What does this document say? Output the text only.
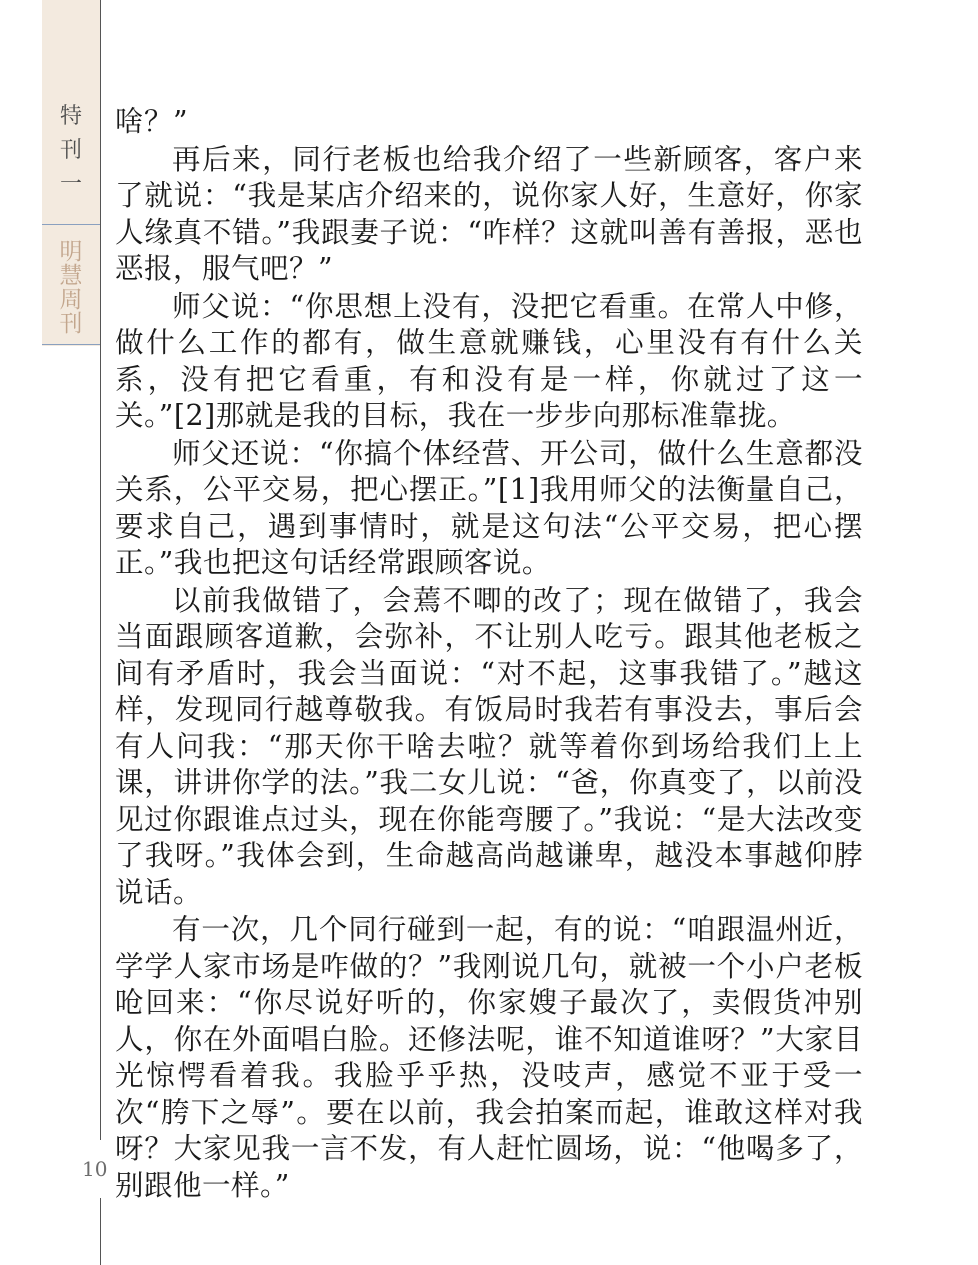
特
刊
一
明
慧
周
刊
10

啥？”

再后来，同行老板也给我介绍了一些新顾客，客户来了就说：“我是某店介绍来的，说你家人好，生意好，你家人缘真不错。”我跟妻子说：“咋样？这就叫善有善报，恶也恶报，服气吧？”

师父说：“你思想上没有，没把它看重。在常人中修，做什么工作的都有，做生意就赚钱，心里没有有什么关系，没有把它看重，有和没有是一样，你就过了这一关。”[2]那就是我的目标，我在一步步向那标准靠拢。

师父还说：“你搞个体经营、开公司，做什么生意都没关系，公平交易，把心摆正。”[1]我用师父的法衡量自己，要求自己，遇到事情时，就是这句法“公平交易，把心摆正。”我也把这句话经常跟顾客说。

以前我做错了，会蔫不唧的改了；现在做错了，我会当面跟顾客道歉，会弥补，不让别人吃亏。跟其他老板之间有矛盾时，我会当面说：“对不起，这事我错了。”越这样，发现同行越尊敬我。有饭局时我若有事没去，事后会有人问我：“那天你干啥去啦？就等着你到场给我们上上课，讲讲你学的法。”我二女儿说：“爸，你真变了，以前没见过你跟谁点过头，现在你能弯腰了。”我说：“是大法改变了我呀。”我体会到，生命越高尚越谦卑，越没本事越仰脖说话。

有一次，几个同行碰到一起，有的说：“咱跟温州近，学学人家市场是咋做的？”我刚说几句，就被一个小户老板呛回来：“你尽说好听的，你家嫂子最次了，卖假货冲别人，你在外面唱白脸。还修法呢，谁不知道谁呀？”大家目光惊愕看着我。我脸乎乎热，没吱声，感觉不亚于受一次“胯下之辱”。要在以前，我会拍案而起，谁敢这样对我呀？大家见我一言不发，有人赶忙圆场，说：“他喝多了，别跟他一样。”
